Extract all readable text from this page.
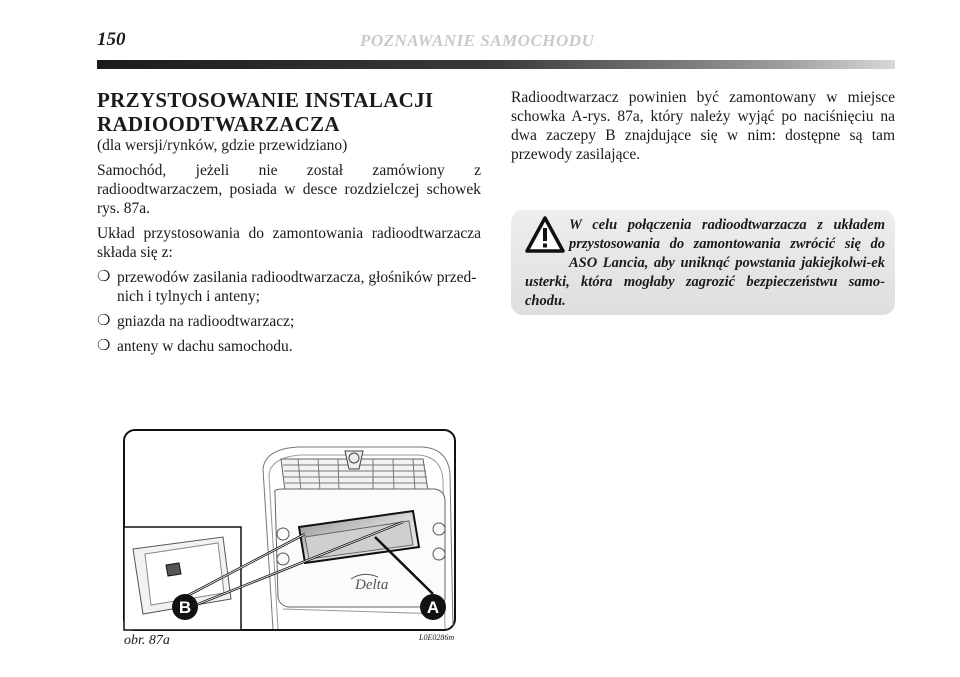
150	POZNAWANIE SAMOCHODU
PRZYSTOSOWANIE INSTALACJI
RADIOODTWARZACZA
(dla wersji/rynków, gdzie przewidziano)

Samochód, jeżeli nie został zamówiony z radioodtwarzaczem, posiada w desce rozdzielczej schowek rys. 87a.

Układ przystosowania do zamontowania radioodtwarzacza składa się z:

❍ przewodów zasilania radioodtwarzacza, głośników przed-nich i tylnych i anteny;
❍ gniazda na radioodtwarzacz;
❍ anteny w dachu samochodu.

Radioodtwarzacz powinien być zamontowany w miejsce schowka A-rys. 87a, który należy wyjąć po naciśnięciu na dwa zaczepy B znajdujące się w nim: dostępne są tam przewody zasilające.

W celu połączenia radioodtwarzacza z układem przystosowania do zamontowania zwrócić się do ASO Lancia, aby uniknąć powstania jakiejkolwi-ek usterki, która mogłaby zagrozić bezpieczeństwu samo-chodu.
Delta
B	A
obr. 87a	L0E0286m
